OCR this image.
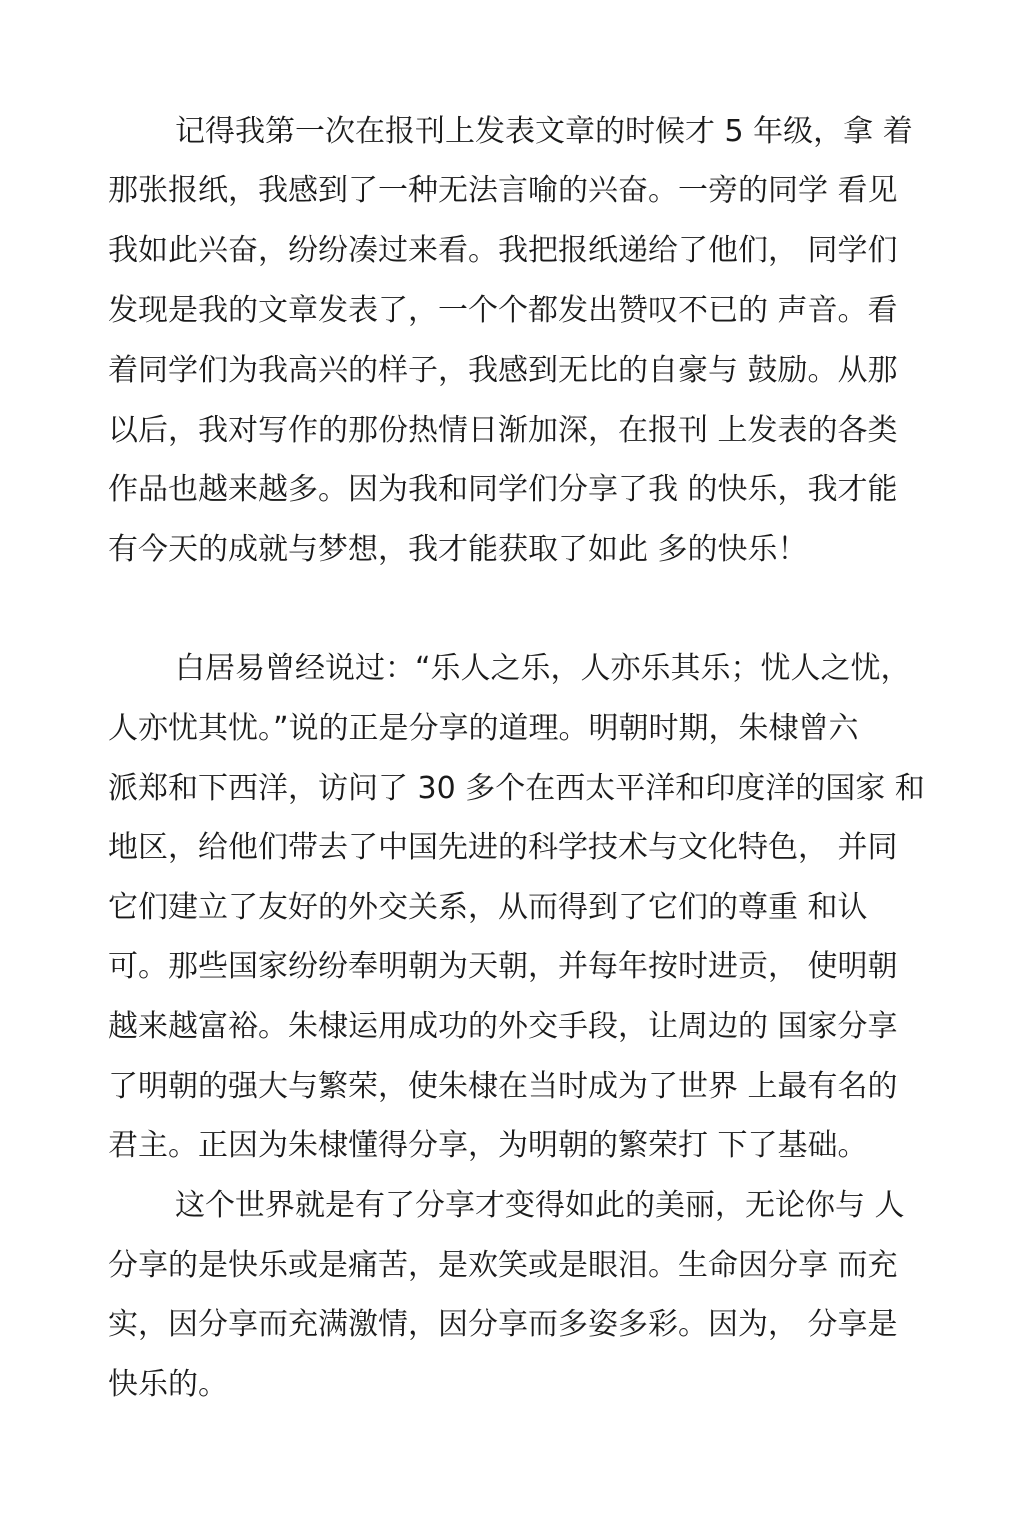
记得我第一次在报刊上发表文章的时候才 5 年级，拿 着

那张报纸，我感到了一种无法言喻的兴奋。一旁的同学 看见

我如此兴奋，纷纷凑过来看。我把报纸递给了他们， 同学们

发现是我的文章发表了，一个个都发出赞叹不已的 声音。看

着同学们为我高兴的样子，我感到无比的自豪与 鼓励。从那

以后，我对写作的那份热情日渐加深，在报刊 上发表的各类

作品也越来越多。因为我和同学们分享了我 的快乐，我才能

有今天的成就与梦想，我才能获取了如此 多的快乐！

白居易曾经说过：“乐人之乐，人亦乐其乐；忧人之忧，

人亦忧其忧。”说的正是分享的道理。明朝时期，朱棣曾六

派郑和下西洋，访问了 30 多个在西太平洋和印度洋的国家 和

地区，给他们带去了中国先进的科学技术与文化特色， 并同

它们建立了友好的外交关系，从而得到了它们的尊重 和认

可。那些国家纷纷奉明朝为天朝，并每年按时进贡， 使明朝

越来越富裕。朱棣运用成功的外交手段，让周边的 国家分享

了明朝的强大与繁荣，使朱棣在当时成为了世界 上最有名的

君主。正因为朱棣懂得分享，为明朝的繁荣打 下了基础。

这个世界就是有了分享才变得如此的美丽，无论你与 人

分享的是快乐或是痛苦，是欢笑或是眼泪。生命因分享 而充

实，因分享而充满激情，因分享而多姿多彩。因为， 分享是

快乐的。
